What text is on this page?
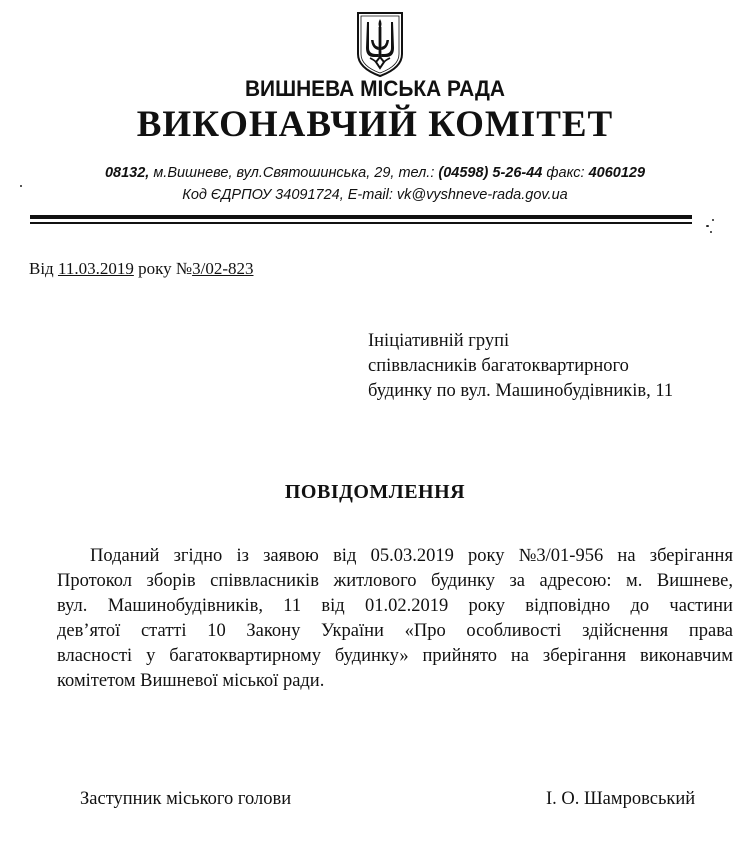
ВИШНЕВА МІСЬКА РАДА
ВИКОНАВЧИЙ КОМІТЕТ
08132, м.Вишневе, вул.Святошинська, 29, тел.: (04598) 5-26-44 факс: 4060129
Код ЄДРПОУ 34091724, E-mail: vk@vyshneve-rada.gov.ua
Від 11.03.2019 року №3/02-823
Ініціативній групі
співвласників багатоквартирного
будинку по вул. Машинобудівників, 11
ПОВІДОМЛЕННЯ
Поданий згідно із заявою від 05.03.2019 року №3/01-956 на зберігання
Протокол зборів співвласників житлового будинку за адресою: м. Вишневе,
вул. Машинобудівників, 11 від 01.02.2019 року відповідно до частини
дев’ятої статті 10 Закону України «Про особливості здійснення права
власності у багатоквартирному будинку» прийнято на зберігання виконавчим
комітетом Вишневої міської ради.
Заступник міського голови	І. О. Шамровський
